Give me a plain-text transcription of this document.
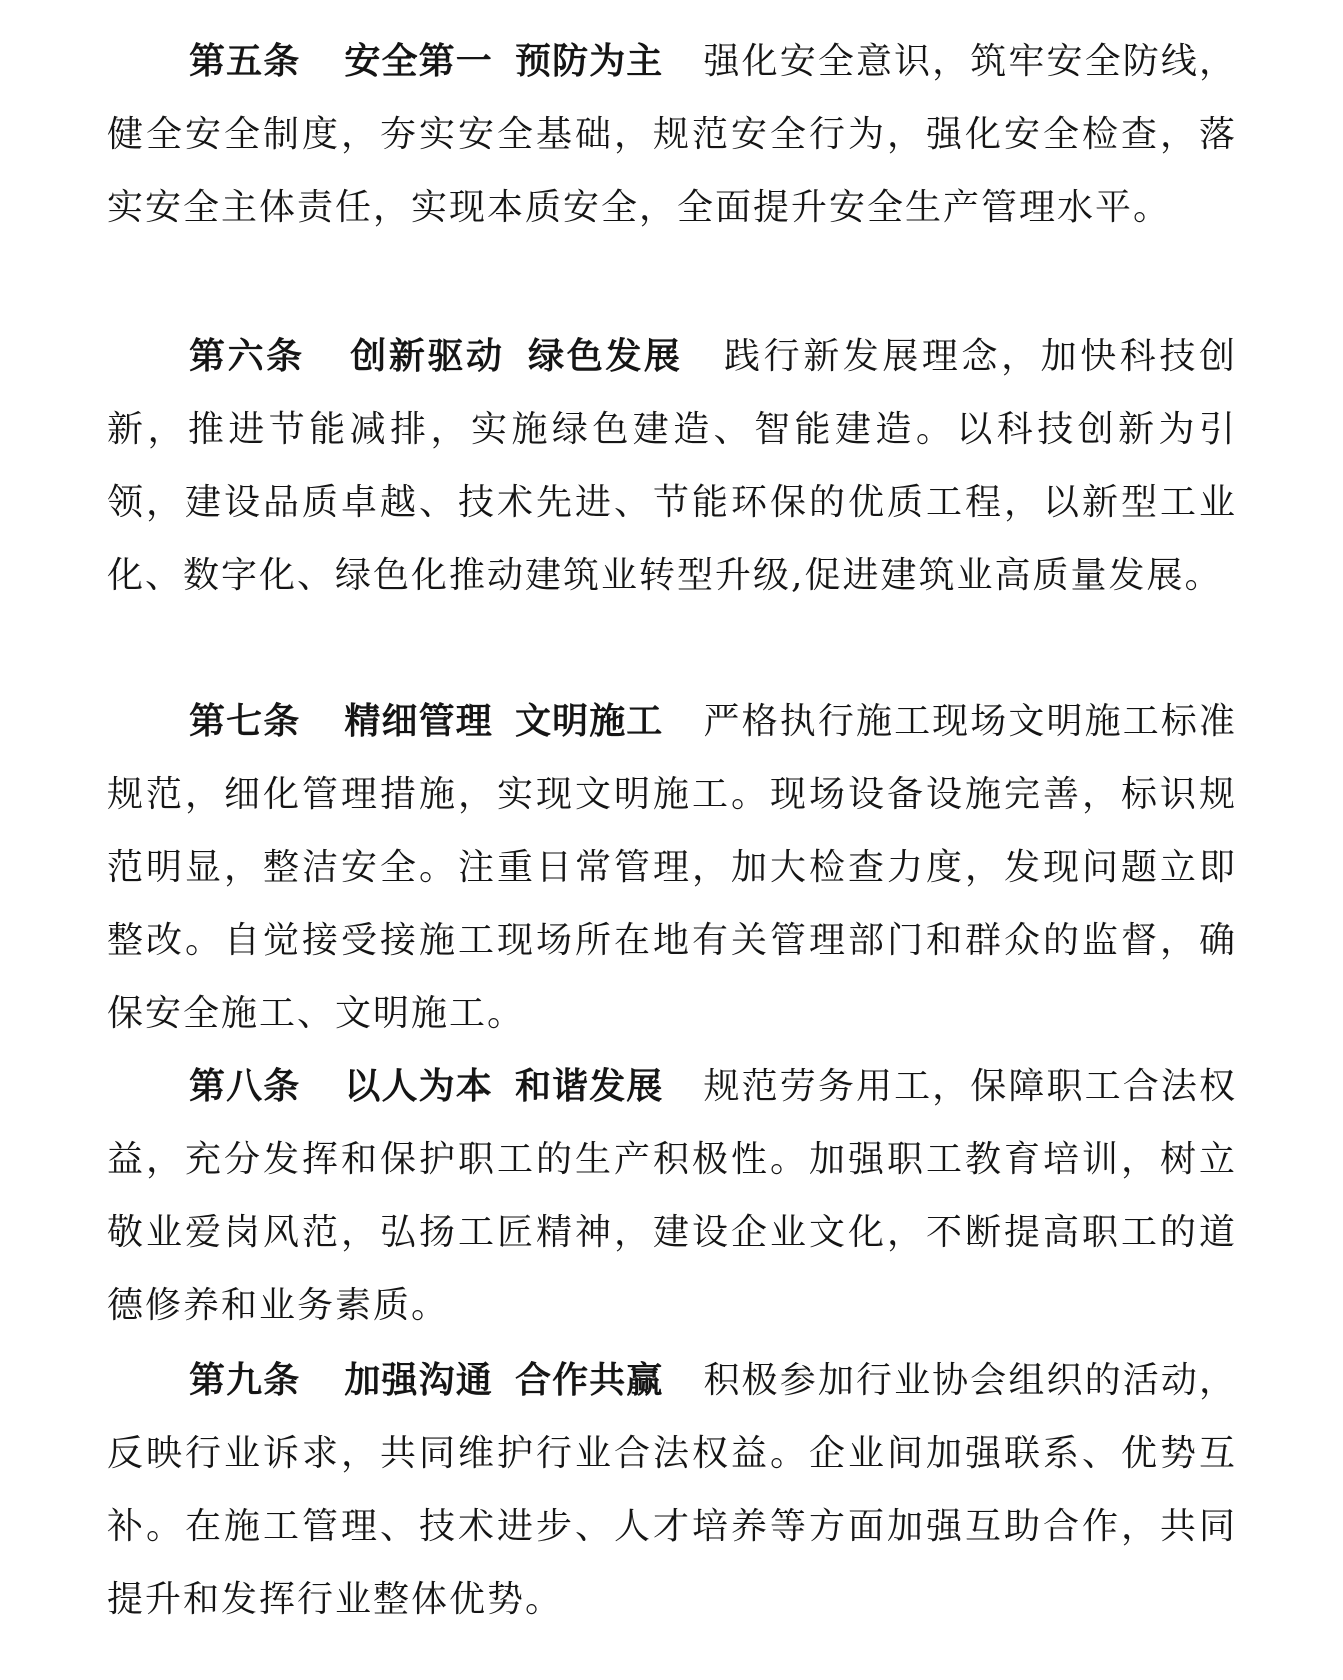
第五条 安全第一 预防为主 强化安全意识，筑牢安全防线，健全安全制度，夯实安全基础，规范安全行为，强化安全检查，落实安全主体责任，实现本质安全，全面提升安全生产管理水平。

第六条 创新驱动 绿色发展 践行新发展理念，加快科技创新，推进节能减排，实施绿色建造、智能建造。以科技创新为引领，建设品质卓越、技术先进、节能环保的优质工程，以新型工业化、数字化、绿色化推动建筑业转型升级,促进建筑业高质量发展。

第七条 精细管理 文明施工 严格执行施工现场文明施工标准规范，细化管理措施，实现文明施工。现场设备设施完善，标识规范明显，整洁安全。注重日常管理，加大检查力度，发现问题立即整改。自觉接受接施工现场所在地有关管理部门和群众的监督，确保安全施工、文明施工。

第八条 以人为本 和谐发展 规范劳务用工，保障职工合法权益，充分发挥和保护职工的生产积极性。加强职工教育培训，树立敬业爱岗风范，弘扬工匠精神，建设企业文化，不断提高职工的道德修养和业务素质。

第九条 加强沟通 合作共赢 积极参加行业协会组织的活动，反映行业诉求，共同维护行业合法权益。企业间加强联系、优势互补。在施工管理、技术进步、人才培养等方面加强互助合作，共同提升和发挥行业整体优势。
